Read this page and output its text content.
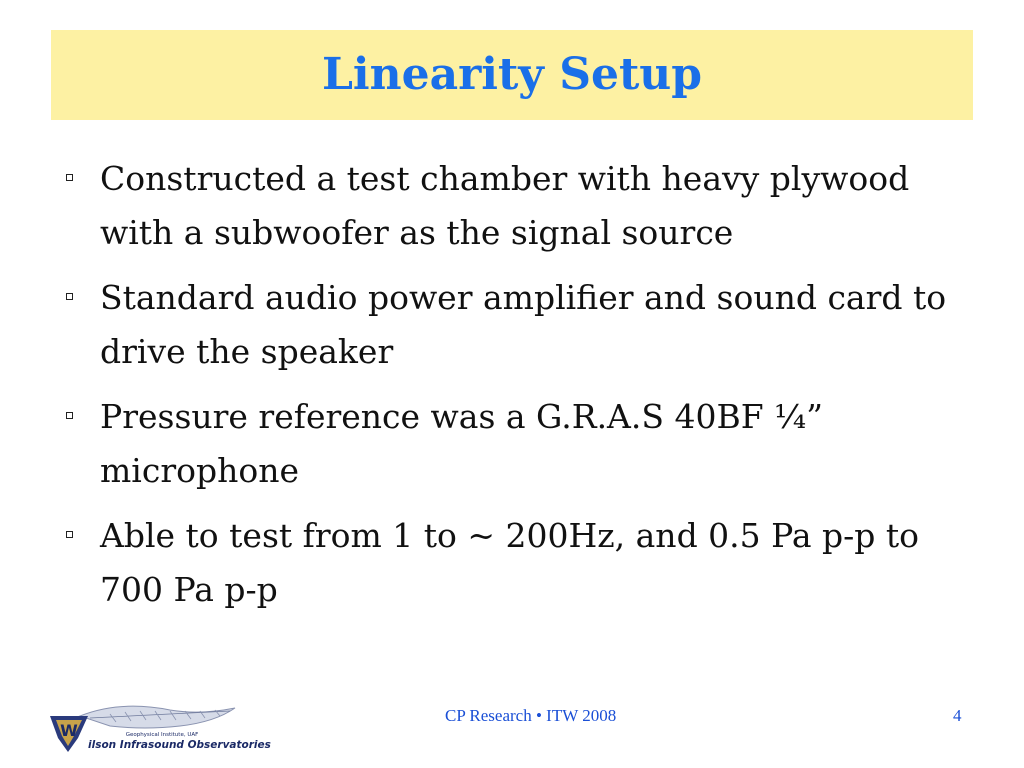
Linearity Setup
Constructed a test chamber with heavy plywood with a subwoofer as the signal source
Standard audio power amplifier and sound card to drive the speaker
Pressure reference was a G.R.A.S 40BF ¼” microphone
Able to test from 1 to ~ 200Hz, and 0.5 Pa p-p to 700 Pa p-p
W	Geophysical Institute, UAF
ilson Infrasound Observatories
CP Research • ITW 2008	4
